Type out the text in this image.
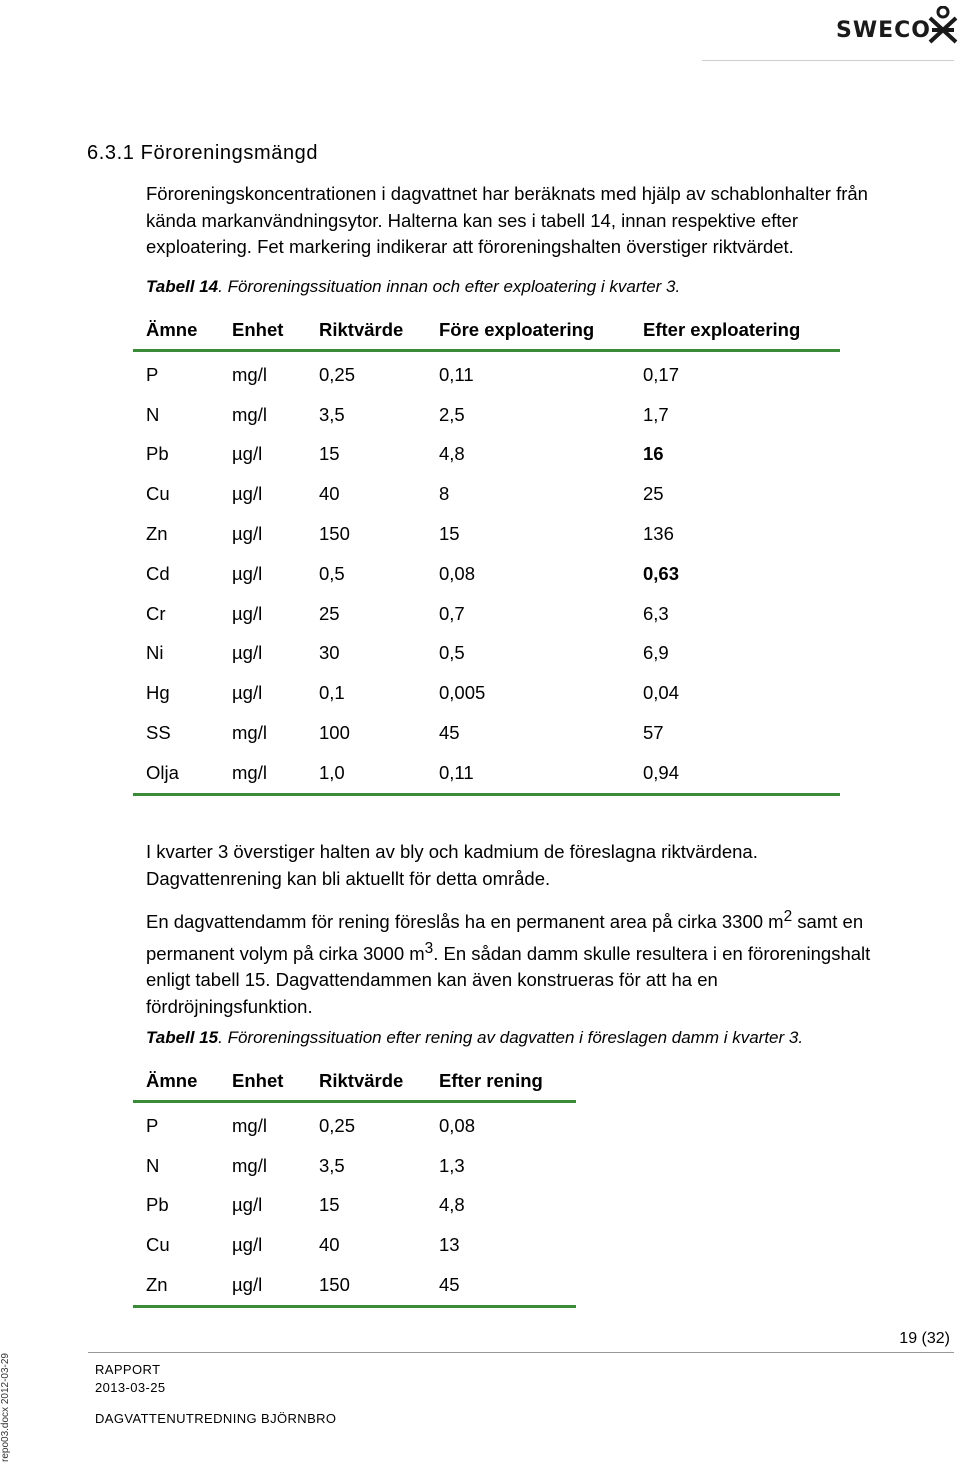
SWECO
6.3.1 Föroreningsmängd

Föroreningskoncentrationen i dagvattnet har beräknats med hjälp av schablonhalter från
kända markanvändningsytor. Halterna kan ses i tabell 14, innan respektive efter
exploatering. Fet markering indikerar att föroreningshalten överstiger riktvärdet.

Tabell 14. Föroreningssituation innan och efter exploatering i kvarter 3.
Ämne	Enhet	Riktvärde	Före exploatering	Efter exploatering
P	mg/l	0,25	0,11	0,17
N	mg/l	3,5	2,5	1,7
Pb	µg/l	15	4,8	16
Cu	µg/l	40	8	25
Zn	µg/l	150	15	136
Cd	µg/l	0,5	0,08	0,63
Cr	µg/l	25	0,7	6,3
Ni	µg/l	30	0,5	6,9
Hg	µg/l	0,1	0,005	0,04
SS	mg/l	100	45	57
Olja	mg/l	1,0	0,11	0,94

I kvarter 3 överstiger halten av bly och kadmium de föreslagna riktvärdena.
Dagvattenrening kan bli aktuellt för detta område.

En dagvattendamm för rening föreslås ha en permanent area på cirka 3300 $m^2$ samt en
permanent volym på cirka 3000 $m^3$. En sådan damm skulle resultera i en föroreningshalt
enligt tabell 15. Dagvattendammen kan även konstrueras för att ha en
fördröjningsfunktion.

Tabell 15. Föroreningssituation efter rening av dagvatten i föreslagen damm i kvarter 3.
Ämne	Enhet	Riktvärde	Efter rening
P	mg/l	0,25	0,08
N	mg/l	3,5	1,3
Pb	µg/l	15	4,8
Cu	µg/l	40	13
Zn	µg/l	150	45
19 (32)
RAPPORT
2013-03-25
DAGVATTENUTREDNING BJÖRNBRO
repo03.docx 2012-03-29
